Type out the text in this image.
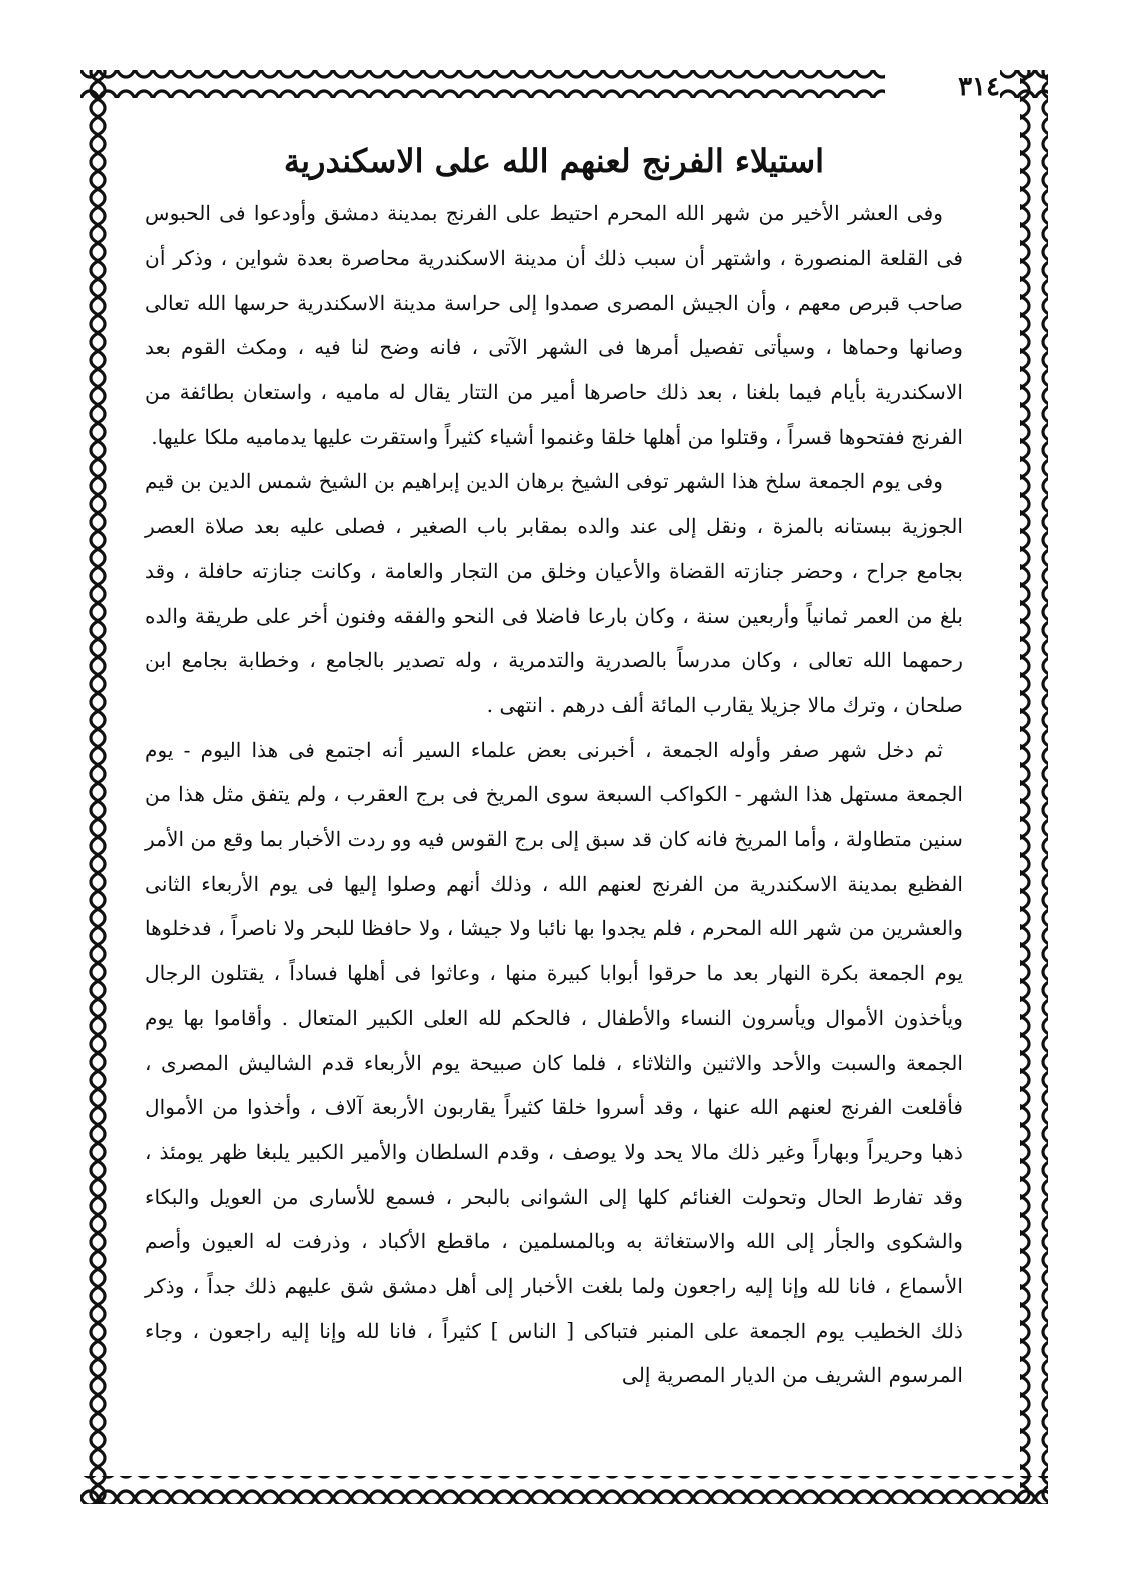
٣١٤
استيلاء الفرنج لعنهم الله على الاسكندرية

وفى العشر الأخير من شهر الله المحرم احتيط على الفرنج بمدينة دمشق وأودعوا فى الحبوس فى القلعة المنصورة ، واشتهر أن سبب ذلك أن مدينة الاسكندرية محاصرة بعدة شواين ، وذكر أن صاحب قبرص معهم ، وأن الجيش المصرى صمدوا إلى حراسة مدينة الاسكندرية حرسها الله تعالى وصانها وحماها ، وسيأتى تفصيل أمرها فى الشهر الآتى ، فانه وضح لنا فيه ، ومكث القوم بعد الاسكندرية بأيام فيما بلغنا ، بعد ذلك حاصرها أمير من التتار يقال له ماميه ، واستعان بطائفة من الفرنج ففتحوها قسراً ، وقتلوا من أهلها خلقا وغنموا أشياء كثيراً واستقرت عليها يدماميه ملكا عليها.

وفى يوم الجمعة سلخ هذا الشهر توفى الشيخ برهان الدين إبراهيم بن الشيخ شمس الدين بن قيم الجوزية ببستانه بالمزة ، ونقل إلى عند والده بمقابر باب الصغير ، فصلى عليه بعد صلاة العصر بجامع جراح ، وحضر جنازته القضاة والأعيان وخلق من التجار والعامة ، وكانت جنازته حافلة ، وقد بلغ من العمر ثمانياً وأربعين سنة ، وكان بارعا فاضلا فى النحو والفقه وفنون أخر على طريقة والده رحمهما الله تعالى ، وكان مدرساً بالصدرية والتدمرية ، وله تصدير بالجامع ، وخطابة بجامع ابن صلحان ، وترك مالا جزيلا يقارب المائة ألف درهم . انتهى .

ثم دخل شهر صفر وأوله الجمعة ، أخبرنى بعض علماء السير أنه اجتمع فى هذا اليوم - يوم الجمعة مستهل هذا الشهر - الكواكب السبعة سوى المريخ فى برج العقرب ، ولم يتفق مثل هذا من سنين متطاولة ، وأما المريخ فانه كان قد سبق إلى برج القوس فيه وو ردت الأخبار بما وقع من الأمر الفظيع بمدينة الاسكندرية من الفرنج لعنهم الله ، وذلك أنهم وصلوا إليها فى يوم الأربعاء الثانى والعشرين من شهر الله المحرم ، فلم يجدوا بها نائبا ولا جيشا ، ولا حافظا للبحر ولا ناصراً ، فدخلوها يوم الجمعة بكرة النهار بعد ما حرقوا أبوابا كبيرة منها ، وعاثوا فى أهلها فساداً ، يقتلون الرجال ويأخذون الأموال ويأسرون النساء والأطفال ، فالحكم لله العلى الكبير المتعال . وأقاموا بها يوم الجمعة والسبت والأحد والاثنين والثلاثاء ، فلما كان صبيحة يوم الأربعاء قدم الشاليش المصرى ، فأقلعت الفرنج لعنهم الله عنها ، وقد أسروا خلقا كثيراً يقاربون الأربعة آلاف ، وأخذوا من الأموال ذهبا وحريراً وبهاراً وغير ذلك مالا يحد ولا يوصف ، وقدم السلطان والأمير الكبير يلبغا ظهر يومئذ ، وقد تفارط الحال وتحولت الغنائم كلها إلى الشوانى بالبحر ، فسمع للأسارى من العويل والبكاء والشكوى والجأر إلى الله والاستغاثة به وبالمسلمين ، ماقطع الأكباد ، وذرفت له العيون وأصم الأسماع ، فانا لله وإنا إليه راجعون ولما بلغت الأخبار إلى أهل دمشق شق عليهم ذلك جداً ، وذكر ذلك الخطيب يوم الجمعة على المنبر فتباكى [ الناس ] كثيراً ، فانا لله وإنا إليه راجعون ، وجاء المرسوم الشريف من الديار المصرية إلى
